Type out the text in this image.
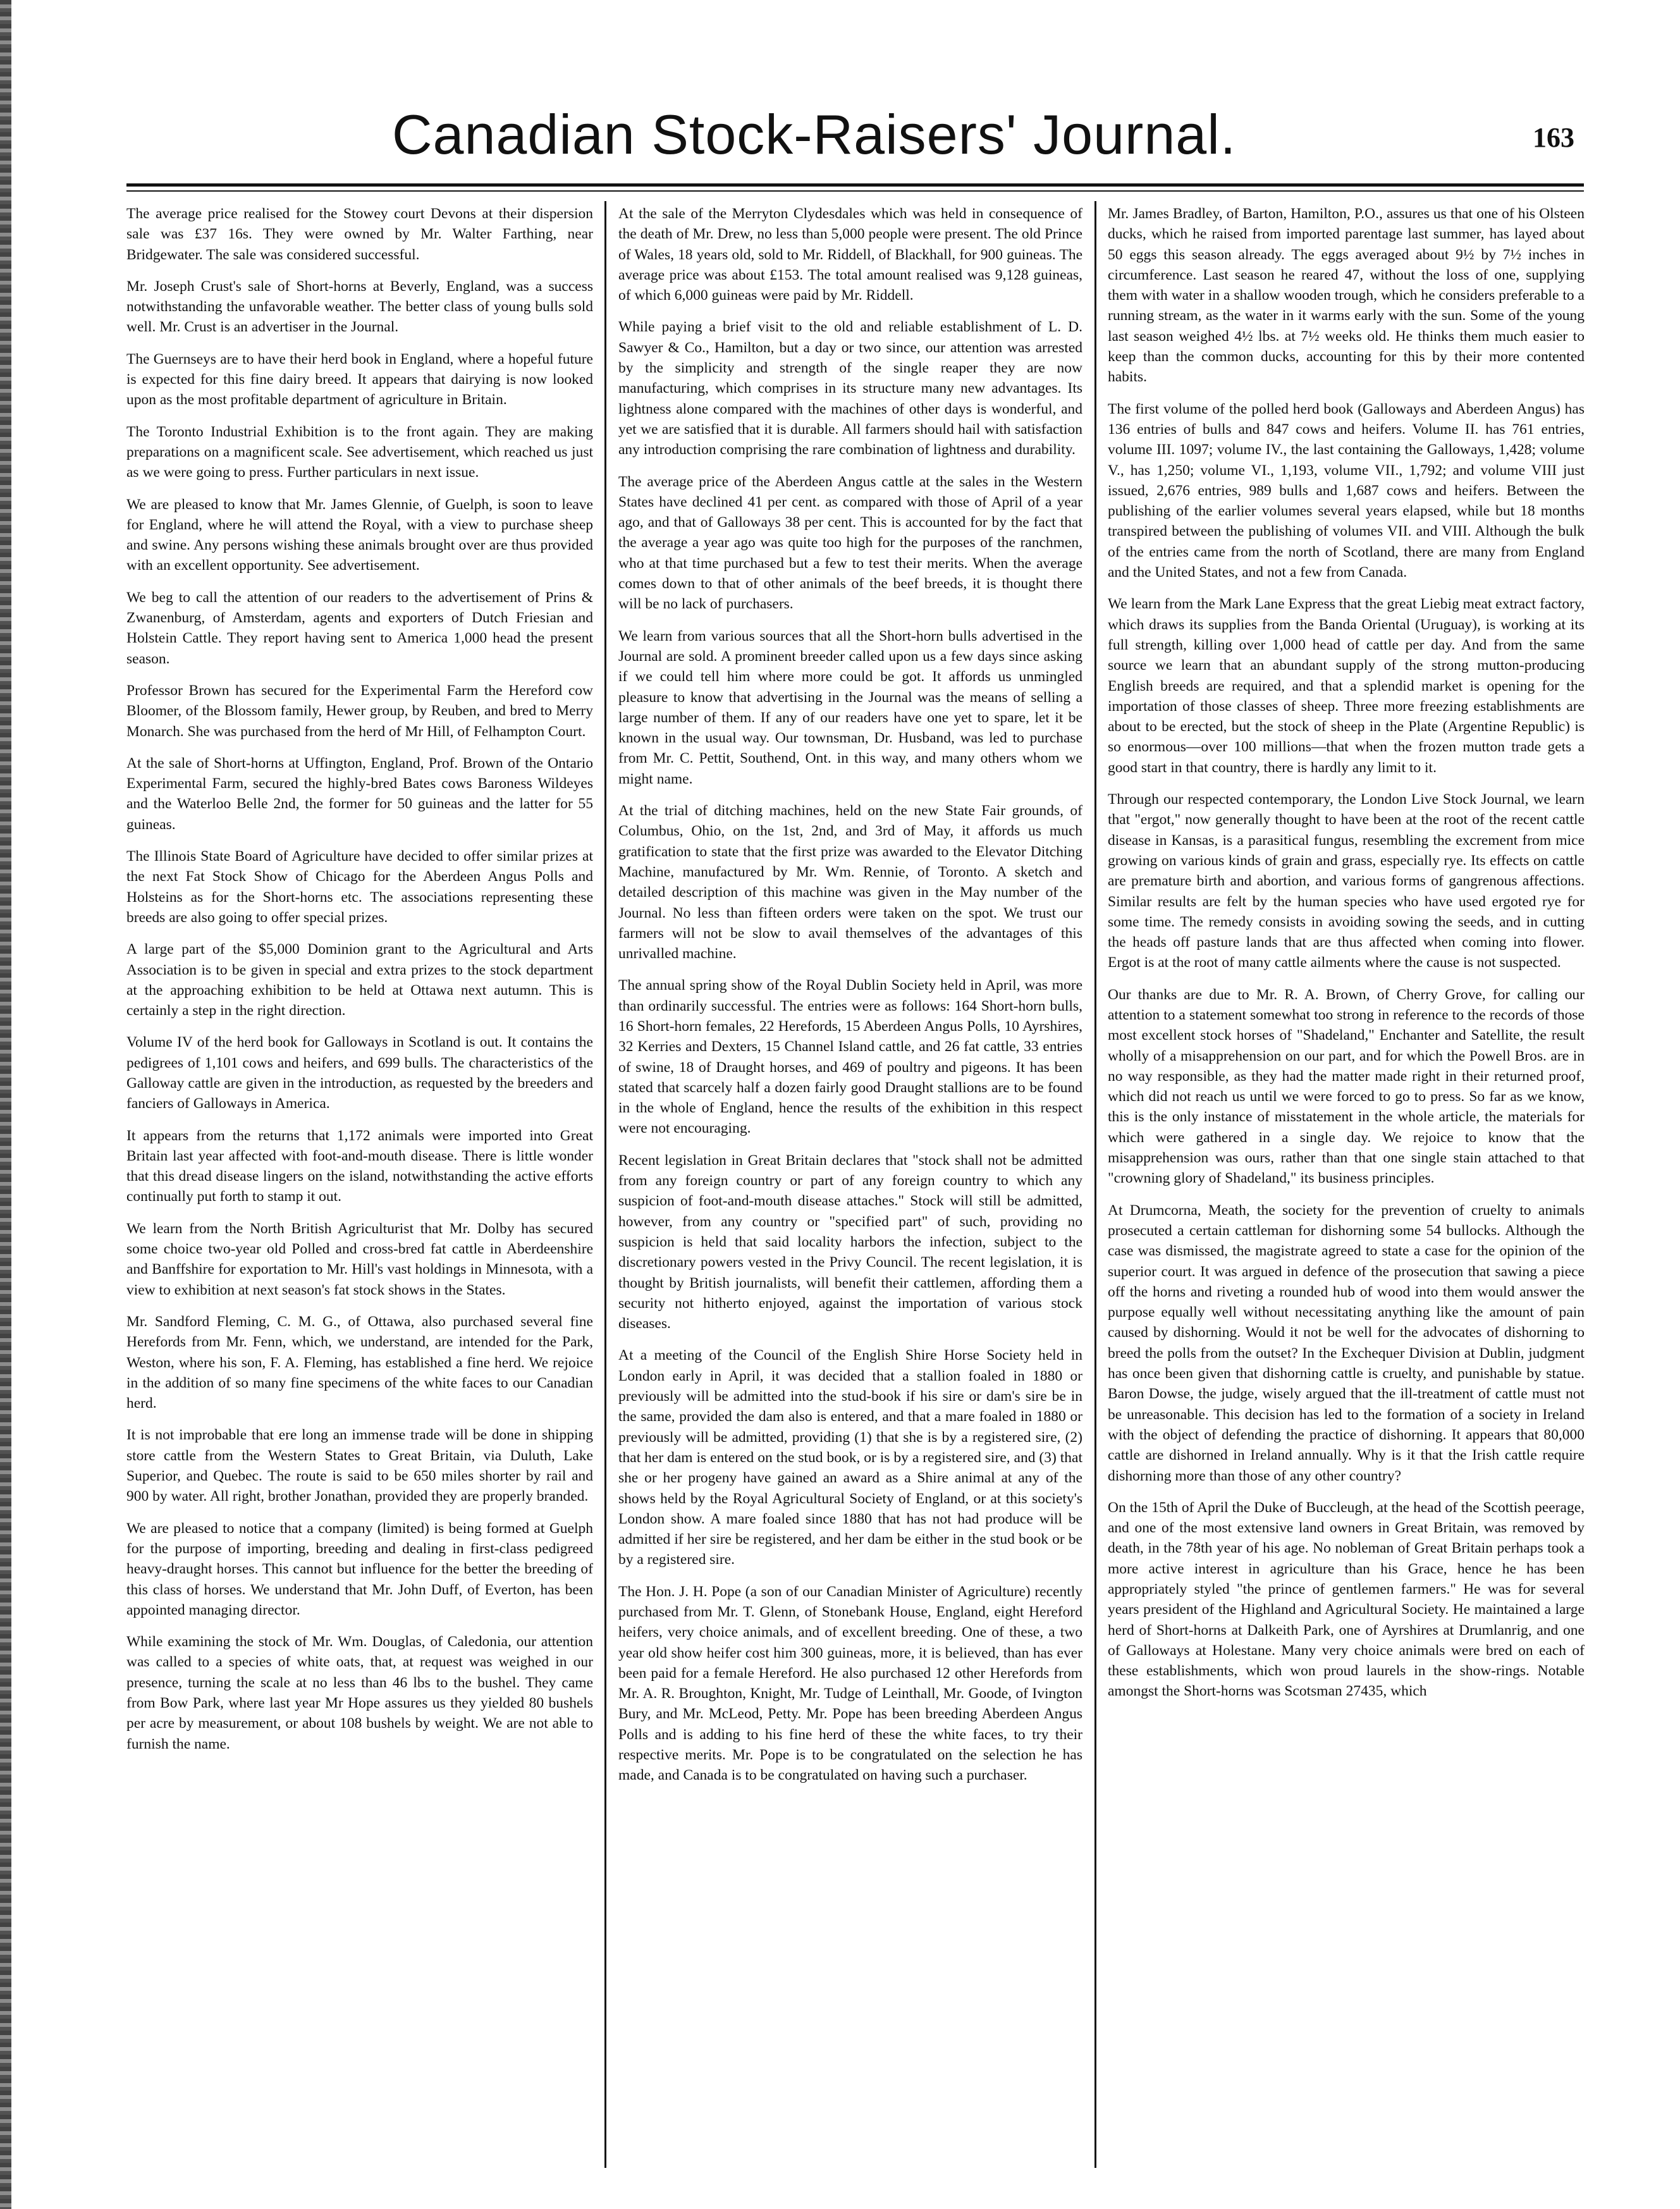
Canadian Stock-Raisers' Journal.	163

The average price realised for the Stowey court Devons at their dispersion sale was £37 16s. They were owned by Mr. Walter Farthing, near Bridgewater. The sale was considered successful.

Mr. Joseph Crust's sale of Short-horns at Beverly, England, was a success notwithstanding the unfavorable weather. The better class of young bulls sold well. Mr. Crust is an advertiser in the Journal.

The Guernseys are to have their herd book in England, where a hopeful future is expected for this fine dairy breed. It appears that dairying is now looked upon as the most profitable department of agriculture in Britain.

The Toronto Industrial Exhibition is to the front again. They are making preparations on a magnificent scale. See advertisement, which reached us just as we were going to press. Further particulars in next issue.

We are pleased to know that Mr. James Glennie, of Guelph, is soon to leave for England, where he will attend the Royal, with a view to purchase sheep and swine. Any persons wishing these animals brought over are thus provided with an excellent opportunity. See advertisement.

We beg to call the attention of our readers to the advertisement of Prins & Zwanenburg, of Amsterdam, agents and exporters of Dutch Friesian and Holstein Cattle. They report having sent to America 1,000 head the present season.

Professor Brown has secured for the Experimental Farm the Hereford cow Bloomer, of the Blossom family, Hewer group, by Reuben, and bred to Merry Monarch. She was purchased from the herd of Mr Hill, of Felhampton Court.

At the sale of Short-horns at Uffington, England, Prof. Brown of the Ontario Experimental Farm, secured the highly-bred Bates cows Baroness Wildeyes and the Waterloo Belle 2nd, the former for 50 guineas and the latter for 55 guineas.

The Illinois State Board of Agriculture have decided to offer similar prizes at the next Fat Stock Show of Chicago for the Aberdeen Angus Polls and Holsteins as for the Short-horns etc. The associations representing these breeds are also going to offer special prizes.

A large part of the $5,000 Dominion grant to the Agricultural and Arts Association is to be given in special and extra prizes to the stock department at the approaching exhibition to be held at Ottawa next autumn. This is certainly a step in the right direction.

Volume IV of the herd book for Galloways in Scotland is out. It contains the pedigrees of 1,101 cows and heifers, and 699 bulls. The characteristics of the Galloway cattle are given in the introduction, as requested by the breeders and fanciers of Galloways in America.

It appears from the returns that 1,172 animals were imported into Great Britain last year affected with foot-and-mouth disease. There is little wonder that this dread disease lingers on the island, notwithstanding the active efforts continually put forth to stamp it out.

We learn from the North British Agriculturist that Mr. Dolby has secured some choice two-year old Polled and cross-bred fat cattle in Aberdeenshire and Banffshire for exportation to Mr. Hill's vast holdings in Minnesota, with a view to exhibition at next season's fat stock shows in the States.

Mr. Sandford Fleming, C. M. G., of Ottawa, also purchased several fine Herefords from Mr. Fenn, which, we understand, are intended for the Park, Weston, where his son, F. A. Fleming, has established a fine herd. We rejoice in the addition of so many fine specimens of the white faces to our Canadian herd.

It is not improbable that ere long an immense trade will be done in shipping store cattle from the Western States to Great Britain, via Duluth, Lake Superior, and Quebec. The route is said to be 650 miles shorter by rail and 900 by water. All right, brother Jonathan, provided they are properly branded.

We are pleased to notice that a company (limited) is being formed at Guelph for the purpose of importing, breeding and dealing in first-class pedigreed heavy-draught horses. This cannot but influence for the better the breeding of this class of horses. We understand that Mr. John Duff, of Everton, has been appointed managing director.

While examining the stock of Mr. Wm. Douglas, of Caledonia, our attention was called to a species of white oats, that, at request was weighed in our presence, turning the scale at no less than 46 lbs to the bushel. They came from Bow Park, where last year Mr Hope assures us they yielded 80 bushels per acre by measurement, or about 108 bushels by weight. We are not able to furnish the name.

At the sale of the Merryton Clydesdales which was held in consequence of the death of Mr. Drew, no less than 5,000 people were present. The old Prince of Wales, 18 years old, sold to Mr. Riddell, of Blackhall, for 900 guineas. The average price was about £153. The total amount realised was 9,128 guineas, of which 6,000 guineas were paid by Mr. Riddell.

While paying a brief visit to the old and reliable establishment of L. D. Sawyer & Co., Hamilton, but a day or two since, our attention was arrested by the simplicity and strength of the single reaper they are now manufacturing, which comprises in its structure many new advantages. Its lightness alone compared with the machines of other days is wonderful, and yet we are satisfied that it is durable. All farmers should hail with satisfaction any introduction comprising the rare combination of lightness and durability.

The average price of the Aberdeen Angus cattle at the sales in the Western States have declined 41 per cent. as compared with those of April of a year ago, and that of Galloways 38 per cent. This is accounted for by the fact that the average a year ago was quite too high for the purposes of the ranchmen, who at that time purchased but a few to test their merits. When the average comes down to that of other animals of the beef breeds, it is thought there will be no lack of purchasers.

We learn from various sources that all the Short-horn bulls advertised in the Journal are sold. A prominent breeder called upon us a few days since asking if we could tell him where more could be got. It affords us unmingled pleasure to know that advertising in the Journal was the means of selling a large number of them. If any of our readers have one yet to spare, let it be known in the usual way. Our townsman, Dr. Husband, was led to purchase from Mr. C. Pettit, Southend, Ont. in this way, and many others whom we might name.

At the trial of ditching machines, held on the new State Fair grounds, of Columbus, Ohio, on the 1st, 2nd, and 3rd of May, it affords us much gratification to state that the first prize was awarded to the Elevator Ditching Machine, manufactured by Mr. Wm. Rennie, of Toronto. A sketch and detailed description of this machine was given in the May number of the Journal. No less than fifteen orders were taken on the spot. We trust our farmers will not be slow to avail themselves of the advantages of this unrivalled machine.

The annual spring show of the Royal Dublin Society held in April, was more than ordinarily successful. The entries were as follows: 164 Short-horn bulls, 16 Short-horn females, 22 Herefords, 15 Aberdeen Angus Polls, 10 Ayrshires, 32 Kerries and Dexters, 15 Channel Island cattle, and 26 fat cattle, 33 entries of swine, 18 of Draught horses, and 469 of poultry and pigeons. It has been stated that scarcely half a dozen fairly good Draught stallions are to be found in the whole of England, hence the results of the exhibition in this respect were not encouraging.

Recent legislation in Great Britain declares that "stock shall not be admitted from any foreign country or part of any foreign country to which any suspicion of foot-and-mouth disease attaches." Stock will still be admitted, however, from any country or "specified part" of such, providing no suspicion is held that said locality harbors the infection, subject to the discretionary powers vested in the Privy Council. The recent legislation, it is thought by British journalists, will benefit their cattlemen, affording them a security not hitherto enjoyed, against the importation of various stock diseases.

At a meeting of the Council of the English Shire Horse Society held in London early in April, it was decided that a stallion foaled in 1880 or previously will be admitted into the stud-book if his sire or dam's sire be in the same, provided the dam also is entered, and that a mare foaled in 1880 or previously will be admitted, providing (1) that she is by a registered sire, (2) that her dam is entered on the stud book, or is by a registered sire, and (3) that she or her progeny have gained an award as a Shire animal at any of the shows held by the Royal Agricultural Society of England, or at this society's London show. A mare foaled since 1880 that has not had produce will be admitted if her sire be registered, and her dam be either in the stud book or be by a registered sire.

The Hon. J. H. Pope (a son of our Canadian Minister of Agriculture) recently purchased from Mr. T. Glenn, of Stonebank House, England, eight Hereford heifers, very choice animals, and of excellent breeding. One of these, a two year old show heifer cost him 300 guineas, more, it is believed, than has ever been paid for a female Hereford. He also purchased 12 other Herefords from Mr. A. R. Broughton, Knight, Mr. Tudge of Leinthall, Mr. Goode, of Ivington Bury, and Mr. McLeod, Petty. Mr. Pope has been breeding Aberdeen Angus Polls and is adding to his fine herd of these the white faces, to try their respective merits. Mr. Pope is to be congratulated on the selection he has made, and Canada is to be congratulated on having such a purchaser.

Mr. James Bradley, of Barton, Hamilton, P.O., assures us that one of his Olsteen ducks, which he raised from imported parentage last summer, has layed about 50 eggs this season already. The eggs averaged about 9½ by 7½ inches in circumference. Last season he reared 47, without the loss of one, supplying them with water in a shallow wooden trough, which he considers preferable to a running stream, as the water in it warms early with the sun. Some of the young last season weighed 4½ lbs. at 7½ weeks old. He thinks them much easier to keep than the common ducks, accounting for this by their more contented habits.

The first volume of the polled herd book (Galloways and Aberdeen Angus) has 136 entries of bulls and 847 cows and heifers. Volume II. has 761 entries, volume III. 1097; volume IV., the last containing the Galloways, 1,428; volume V., has 1,250; volume VI., 1,193, volume VII., 1,792; and volume VIII just issued, 2,676 entries, 989 bulls and 1,687 cows and heifers. Between the publishing of the earlier volumes several years elapsed, while but 18 months transpired between the publishing of volumes VII. and VIII. Although the bulk of the entries came from the north of Scotland, there are many from England and the United States, and not a few from Canada.

We learn from the Mark Lane Express that the great Liebig meat extract factory, which draws its supplies from the Banda Oriental (Uruguay), is working at its full strength, killing over 1,000 head of cattle per day. And from the same source we learn that an abundant supply of the strong mutton-producing English breeds are required, and that a splendid market is opening for the importation of those classes of sheep. Three more freezing establishments are about to be erected, but the stock of sheep in the Plate (Argentine Republic) is so enormous—over 100 millions—that when the frozen mutton trade gets a good start in that country, there is hardly any limit to it.

Through our respected contemporary, the London Live Stock Journal, we learn that "ergot," now generally thought to have been at the root of the recent cattle disease in Kansas, is a parasitical fungus, resembling the excrement from mice growing on various kinds of grain and grass, especially rye. Its effects on cattle are premature birth and abortion, and various forms of gangrenous affections. Similar results are felt by the human species who have used ergoted rye for some time. The remedy consists in avoiding sowing the seeds, and in cutting the heads off pasture lands that are thus affected when coming into flower. Ergot is at the root of many cattle ailments where the cause is not suspected.

Our thanks are due to Mr. R. A. Brown, of Cherry Grove, for calling our attention to a statement somewhat too strong in reference to the records of those most excellent stock horses of "Shadeland," Enchanter and Satellite, the result wholly of a misapprehension on our part, and for which the Powell Bros. are in no way responsible, as they had the matter made right in their returned proof, which did not reach us until we were forced to go to press. So far as we know, this is the only instance of misstatement in the whole article, the materials for which were gathered in a single day. We rejoice to know that the misapprehension was ours, rather than that one single stain attached to that "crowning glory of Shadeland," its business principles.

At Drumcorna, Meath, the society for the prevention of cruelty to animals prosecuted a certain cattleman for dishorning some 54 bullocks. Although the case was dismissed, the magistrate agreed to state a case for the opinion of the superior court. It was argued in defence of the prosecution that sawing a piece off the horns and riveting a rounded hub of wood into them would answer the purpose equally well without necessitating anything like the amount of pain caused by dishorning. Would it not be well for the advocates of dishorning to breed the polls from the outset? In the Exchequer Division at Dublin, judgment has once been given that dishorning cattle is cruelty, and punishable by statue. Baron Dowse, the judge, wisely argued that the ill-treatment of cattle must not be unreasonable. This decision has led to the formation of a society in Ireland with the object of defending the practice of dishorning. It appears that 80,000 cattle are dishorned in Ireland annually. Why is it that the Irish cattle require dishorning more than those of any other country?

On the 15th of April the Duke of Buccleugh, at the head of the Scottish peerage, and one of the most extensive land owners in Great Britain, was removed by death, in the 78th year of his age. No nobleman of Great Britain perhaps took a more active interest in agriculture than his Grace, hence he has been appropriately styled "the prince of gentlemen farmers." He was for several years president of the Highland and Agricultural Society. He maintained a large herd of Short-horns at Dalkeith Park, one of Ayrshires at Drumlanrig, and one of Galloways at Holestane. Many very choice animals were bred on each of these establishments, which won proud laurels in the show-rings. Notable amongst the Short-horns was Scotsman 27435, which
